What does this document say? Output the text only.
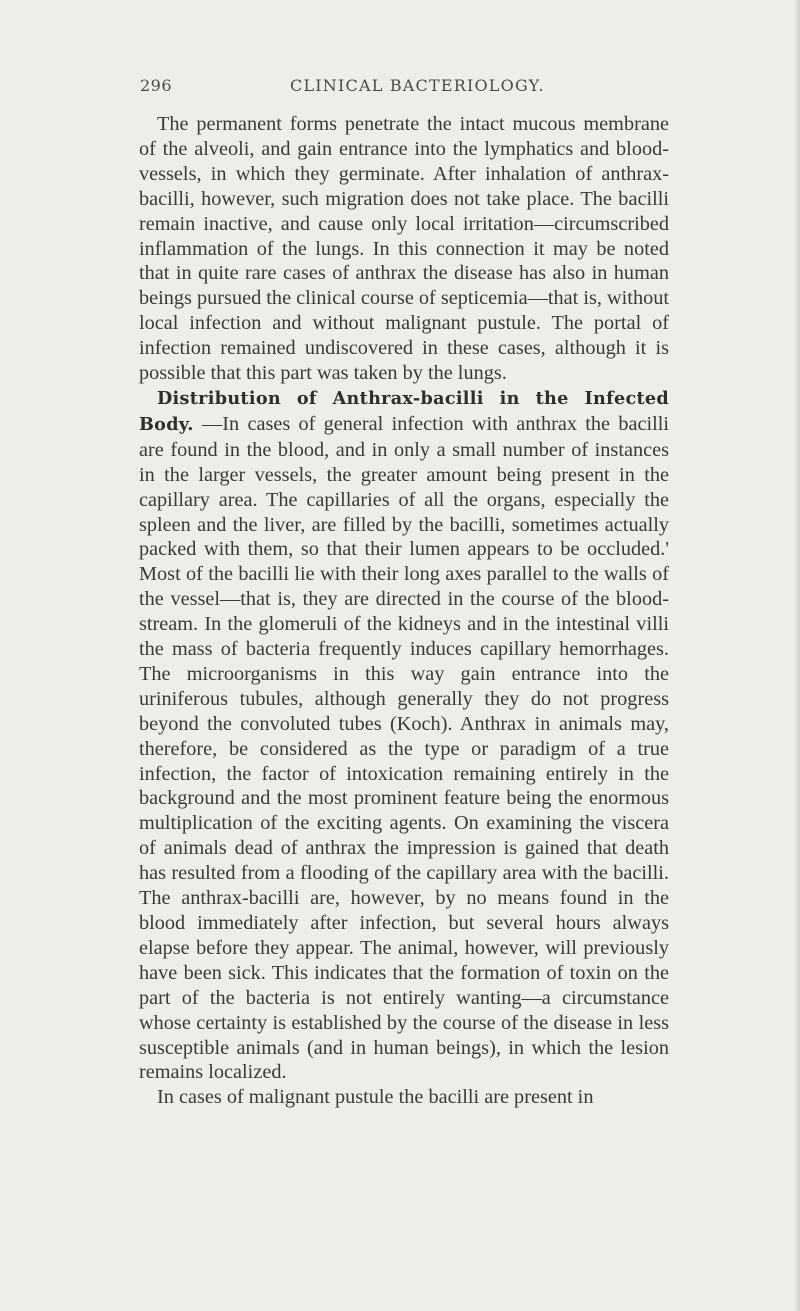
296	CLINICAL BACTERIOLOGY.

The permanent forms penetrate the intact mucous membrane of the alveoli, and gain entrance into the lymphatics and blood-vessels, in which they germinate. After inhalation of anthrax-bacilli, however, such migration does not take place. The bacilli remain inactive, and cause only local irritation—circumscribed inflammation of the lungs. In this connection it may be noted that in quite rare cases of anthrax the disease has also in human beings pursued the clinical course of septicemia—that is, without local infection and without malignant pustule. The portal of infection remained undiscovered in these cases, although it is possible that this part was taken by the lungs.

Distribution of Anthrax-bacilli in the Infected Body. —In cases of general infection with anthrax the bacilli are found in the blood, and in only a small number of instances in the larger vessels, the greater amount being present in the capillary area. The capillaries of all the organs, especially the spleen and the liver, are filled by the bacilli, sometimes actually packed with them, so that their lumen appears to be occluded.' Most of the bacilli lie with their long axes parallel to the walls of the vessel—that is, they are directed in the course of the blood-stream. In the glomeruli of the kidneys and in the intestinal villi the mass of bacteria frequently induces capillary hemorrhages. The microorganisms in this way gain entrance into the uriniferous tubules, although generally they do not progress beyond the convoluted tubes (Koch). Anthrax in animals may, therefore, be considered as the type or paradigm of a true infection, the factor of intoxication remaining entirely in the background and the most prominent feature being the enormous multiplication of the exciting agents. On examining the viscera of animals dead of anthrax the impression is gained that death has resulted from a flooding of the capillary area with the bacilli. The anthrax-bacilli are, however, by no means found in the blood immediately after infection, but several hours always elapse before they appear. The animal, however, will previously have been sick. This indicates that the formation of toxin on the part of the bacteria is not entirely wanting—a circumstance whose certainty is established by the course of the disease in less susceptible animals (and in human beings), in which the lesion remains localized.

In cases of malignant pustule the bacilli are present in
